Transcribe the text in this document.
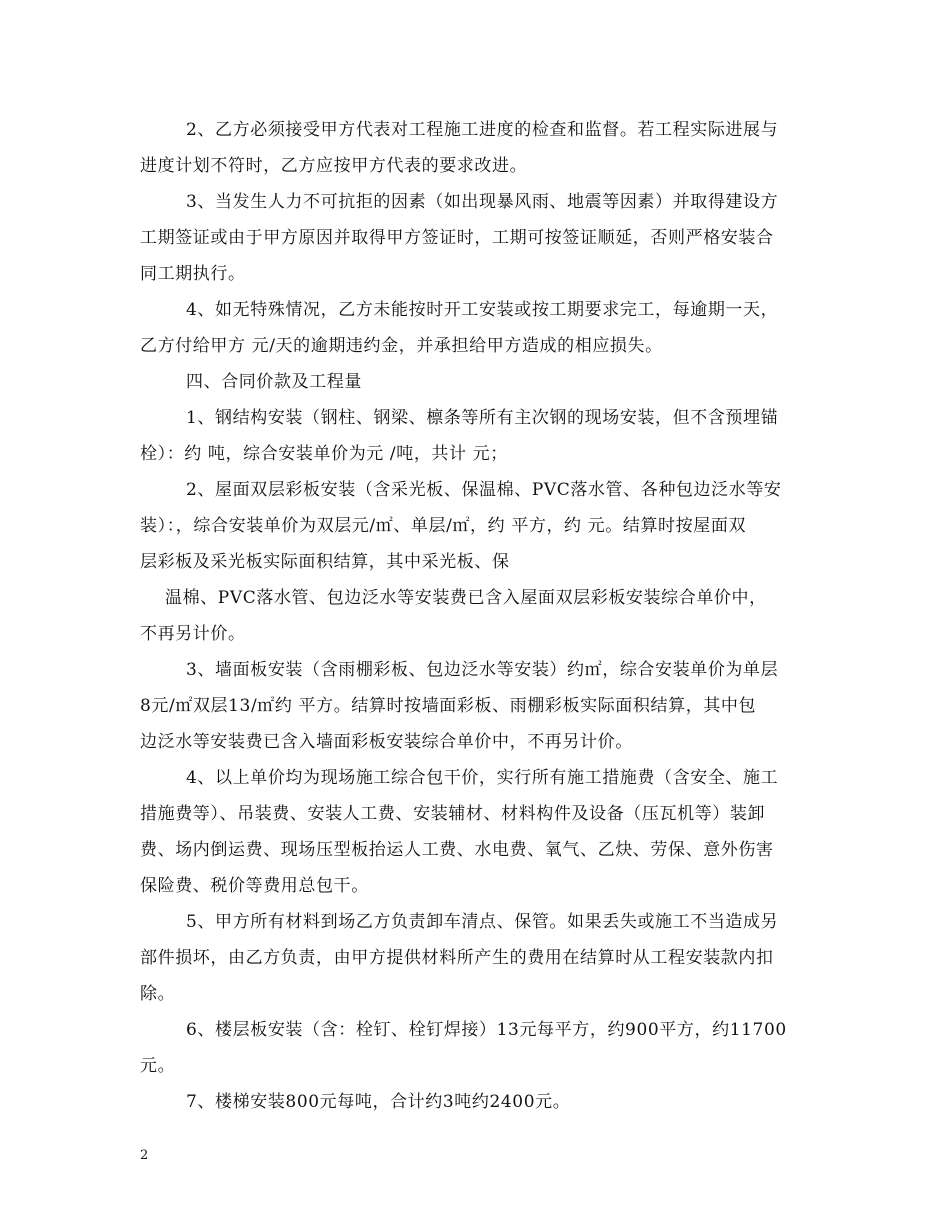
2、乙方必须接受甲方代表对工程施工进度的检查和监督。若工程实际进展与
进度计划不符时，乙方应按甲方代表的要求改进。
3、当发生人力不可抗拒的因素（如出现暴风雨、地震等因素）并取得建设方
工期签证或由于甲方原因并取得甲方签证时，工期可按签证顺延，否则严格安装合
同工期执行。
4、如无特殊情况，乙方未能按时开工安装或按工期要求完工，每逾期一天，
乙方付给甲方 元/天的逾期违约金，并承担给甲方造成的相应损失。
四、合同价款及工程量
1、钢结构安装（钢柱、钢梁、檩条等所有主次钢的现场安装，但不含预埋锚
栓）：约 吨，综合安装单价为元 /吨，共计 元；
2、屋面双层彩板安装（含采光板、保温棉、PVC落水管、各种包边泛水等安
装）：，综合安装单价为双层元/㎡、单层/㎡，约 平方，约 元。结算时按屋面双
层彩板及采光板实际面积结算，其中采光板、保
温棉、PVC落水管、包边泛水等安装费已含入屋面双层彩板安装综合单价中，
不再另计价。
3、墙面板安装（含雨棚彩板、包边泛水等安装）约㎡，综合安装单价为单层
8元/㎡双层13/㎡约 平方。结算时按墙面彩板、雨棚彩板实际面积结算，其中包
边泛水等安装费已含入墙面彩板安装综合单价中，不再另计价。
4、以上单价均为现场施工综合包干价，实行所有施工措施费（含安全、施工
措施费等）、吊装费、安装人工费、安装辅材、材料构件及设备（压瓦机等）装卸
费、场内倒运费、现场压型板抬运人工费、水电费、氧气、乙炔、劳保、意外伤害
保险费、税价等费用总包干。
5、甲方所有材料到场乙方负责卸车清点、保管。如果丢失或施工不当造成另
部件损坏，由乙方负责，由甲方提供材料所产生的费用在结算时从工程安装款内扣
除。
6、楼层板安装（含：栓钉、栓钉焊接）13元每平方，约900平方，约11700
元。
7、楼梯安装800元每吨，合计约3吨约2400元。
2
